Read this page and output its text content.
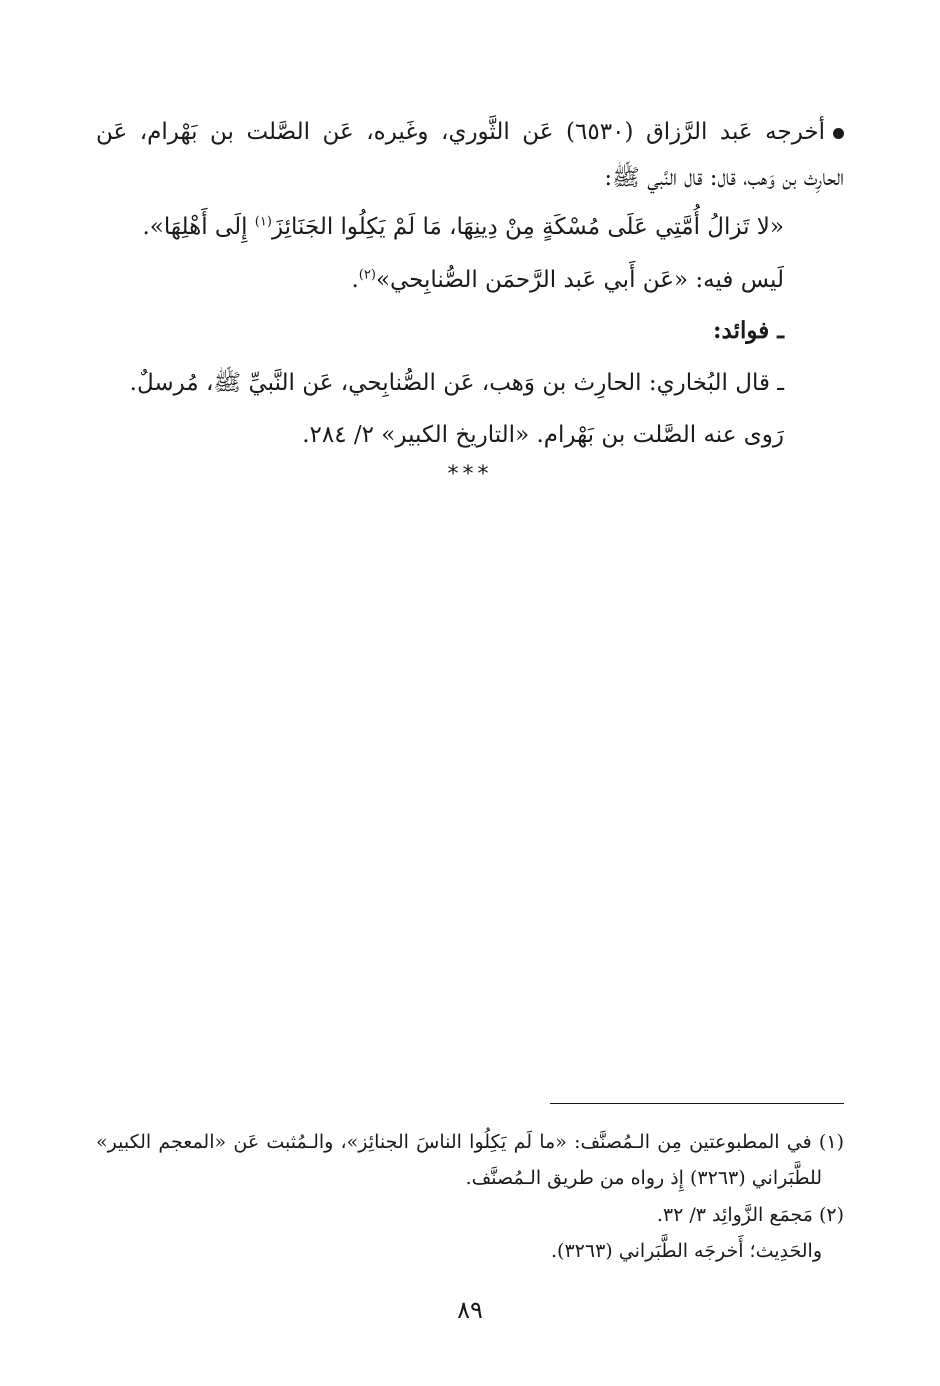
أخرجه عَبد الرَّزاق (٦٥٣٠) عَن الثَّوري، وغَيره، عَن الصَّلت بن بَهْرام، عَن
الحارِث بن وَهب، قال: قال النَّبي ﷺ:
«لا تَزالُ أُمَّتِي عَلَى مُسْكَةٍ مِنْ دِينِهَا، مَا لَمْ يَكِلُوا الجَنَائِزَ$^{(١)}$ إِلَى أَهْلِهَا».
لَيس فيه: «عَن أَبي عَبد الرَّحمَن الصُّنابِحي»$^{(٢)}$.
ـ فوائد:
ـ قال البُخاري: الحارِث بن وَهب، عَن الصُّنابِحي، عَن النَّبيِّ ﷺ، مُرسلٌ.
رَوى عنه الصَّلت بن بَهْرام. «التاريخ الكبير» ٢/ ٢٨٤.
***
(١) في المطبوعتين مِن الـمُصنَّف: «ما لَم يَكِلُوا الناسَ الجنائِز»، والـمُثبت عَن «المعجم الكبير»
للطَّبَراني (٣٢٦٣) إِذ رواه من طريق الـمُصنَّف.
(٢) مَجمَع الزَّوائِد ٣/ ٣٢.
والحَدِيث؛ أَخرجَه الطَّبَراني (٣٢٦٣).
٨٩
